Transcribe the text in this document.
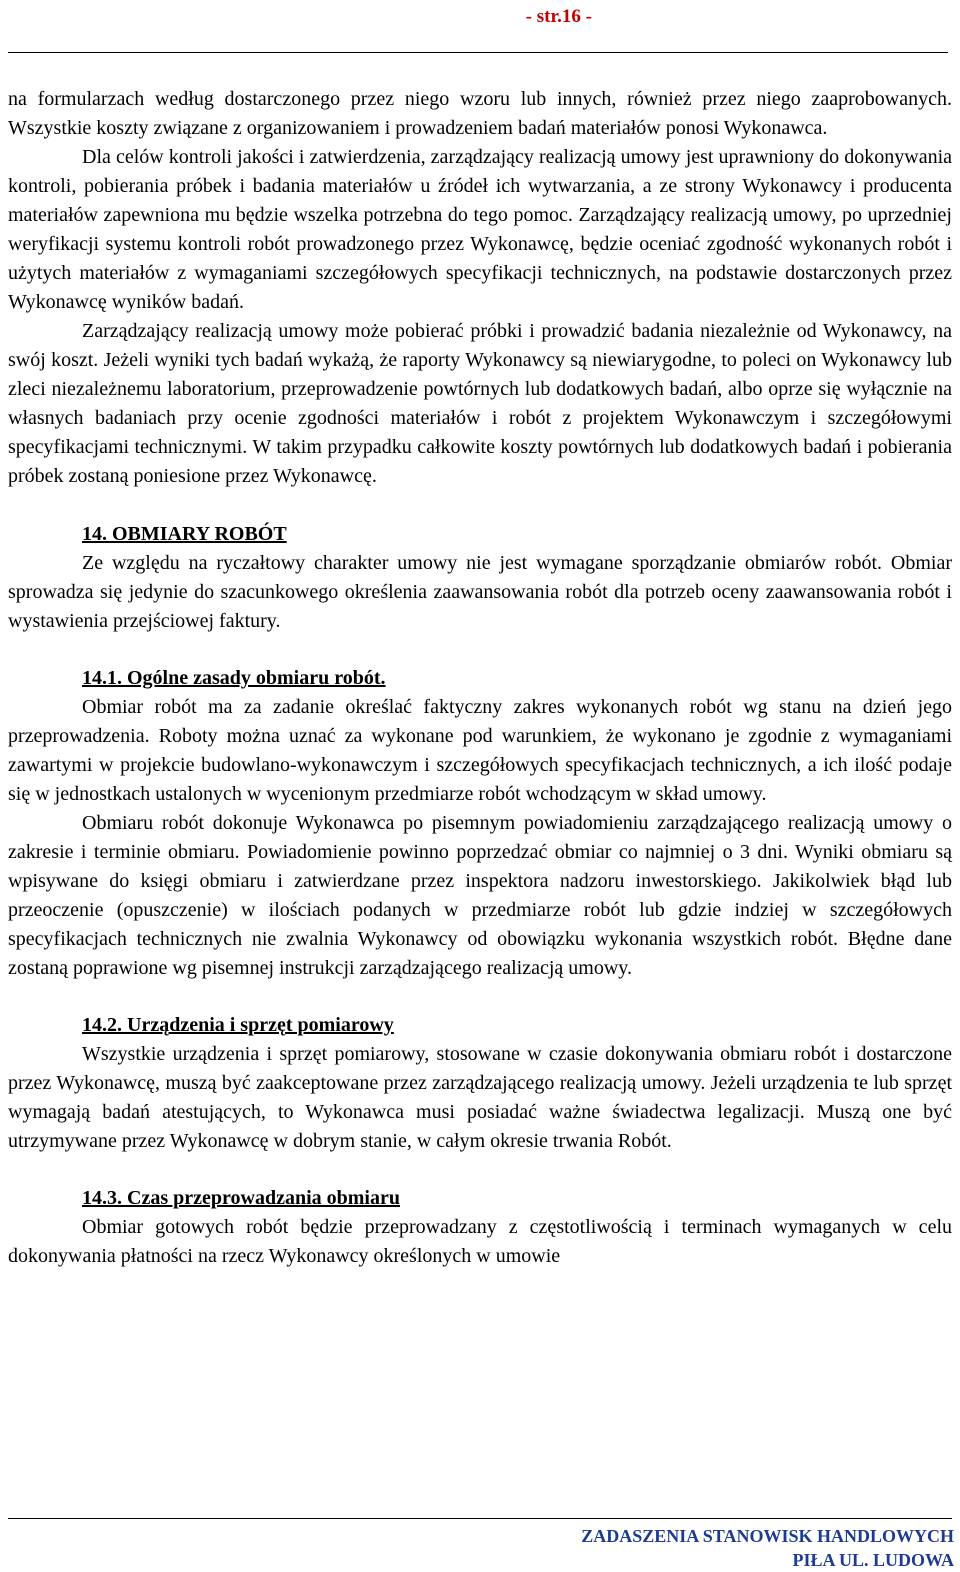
- str.16 -

na formularzach według dostarczonego przez niego wzoru lub innych, również przez niego zaaprobowanych. Wszystkie koszty związane z organizowaniem i prowadzeniem badań materiałów ponosi Wykonawca.

Dla celów kontroli jakości i zatwierdzenia, zarządzający realizacją umowy jest uprawniony do dokonywania kontroli, pobierania próbek i badania materiałów u źródeł ich wytwarzania, a ze strony Wykonawcy i producenta materiałów zapewniona mu będzie wszelka potrzebna do tego pomoc. Zarządzający realizacją umowy, po uprzedniej weryfikacji systemu kontroli robót prowadzonego przez Wykonawcę, będzie oceniać zgodność wykonanych robót i użytych materiałów z wymaganiami szczegółowych specyfikacji technicznych, na podstawie dostarczonych przez Wykonawcę wyników badań.

Zarządzający realizacją umowy może pobierać próbki i prowadzić badania niezależnie od Wykonawcy, na swój koszt. Jeżeli wyniki tych badań wykażą, że raporty Wykonawcy są niewiarygodne, to poleci on Wykonawcy lub zleci niezależnemu laboratorium, przeprowadzenie powtórnych lub dodatkowych badań, albo oprze się wyłącznie na własnych badaniach przy ocenie zgodności materiałów i robót z projektem Wykonawczym i szczegółowymi specyfikacjami technicznymi. W takim przypadku całkowite koszty powtórnych lub dodatkowych badań i pobierania próbek zostaną poniesione przez Wykonawcę.

14. OBMIARY ROBÓT

Ze względu na ryczałtowy charakter umowy nie jest wymagane sporządzanie obmiarów robót. Obmiar sprowadza się jedynie do szacunkowego określenia zaawansowania robót dla potrzeb oceny zaawansowania robót i wystawienia przejściowej faktury.

14.1. Ogólne zasady obmiaru robót.

Obmiar robót ma za zadanie określać faktyczny zakres wykonanych robót wg stanu na dzień jego przeprowadzenia. Roboty można uznać za wykonane pod warunkiem, że wykonano je zgodnie z wymaganiami zawartymi w projekcie budowlano-wykonawczym i szczegółowych specyfikacjach technicznych, a ich ilość podaje się w jednostkach ustalonych w wycenionym przedmiarze robót wchodzącym w skład umowy.

Obmiaru robót dokonuje Wykonawca po pisemnym powiadomieniu zarządzającego realizacją umowy o zakresie i terminie obmiaru. Powiadomienie powinno poprzedzać obmiar co najmniej o 3 dni. Wyniki obmiaru są wpisywane do księgi obmiaru i zatwierdzane przez inspektora nadzoru inwestorskiego. Jakikolwiek błąd lub przeoczenie (opuszczenie) w ilościach podanych w przedmiarze robót lub gdzie indziej w szczegółowych specyfikacjach technicznych nie zwalnia Wykonawcy od obowiązku wykonania wszystkich robót. Błędne dane zostaną poprawione wg pisemnej instrukcji zarządzającego realizacją umowy.

14.2. Urządzenia i sprzęt pomiarowy

Wszystkie urządzenia i sprzęt pomiarowy, stosowane w czasie dokonywania obmiaru robót i dostarczone przez Wykonawcę, muszą być zaakceptowane przez zarządzającego realizacją umowy. Jeżeli urządzenia te lub sprzęt wymagają badań atestujących, to Wykonawca musi posiadać ważne świadectwa legalizacji. Muszą one być utrzymywane przez Wykonawcę w dobrym stanie, w całym okresie trwania Robót.

14.3. Czas przeprowadzania obmiaru

Obmiar gotowych robót będzie przeprowadzany z częstotliwością i terminach wymaganych w celu dokonywania płatności na rzecz Wykonawcy określonych w umowie

ZADASZENIA STANOWISK HANDLOWYCH
PIŁA UL. LUDOWA
